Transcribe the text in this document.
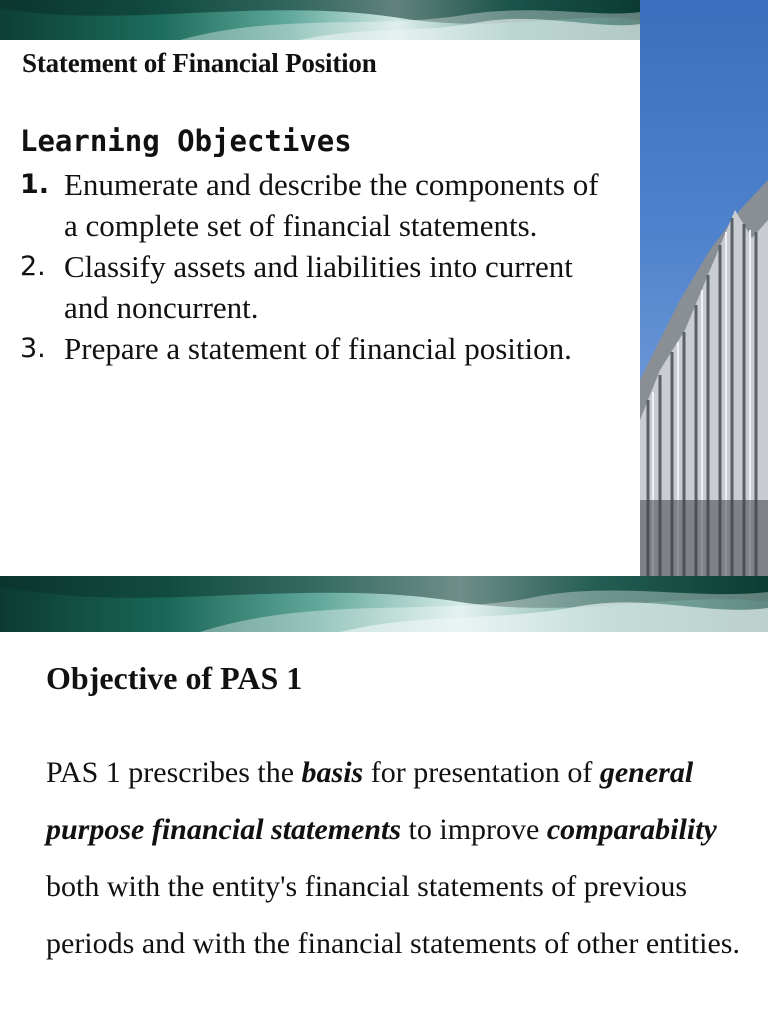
Statement of Financial Position
Learning Objectives
1. Enumerate and describe the components of a complete set of financial statements.
2. Classify assets and liabilities into current and noncurrent.
3. Prepare a statement of financial position.
Objective of PAS 1
PAS 1 prescribes the basis for presentation of general purpose financial statements to improve comparability both with the entity's financial statements of previous periods and with the financial statements of other entities.
